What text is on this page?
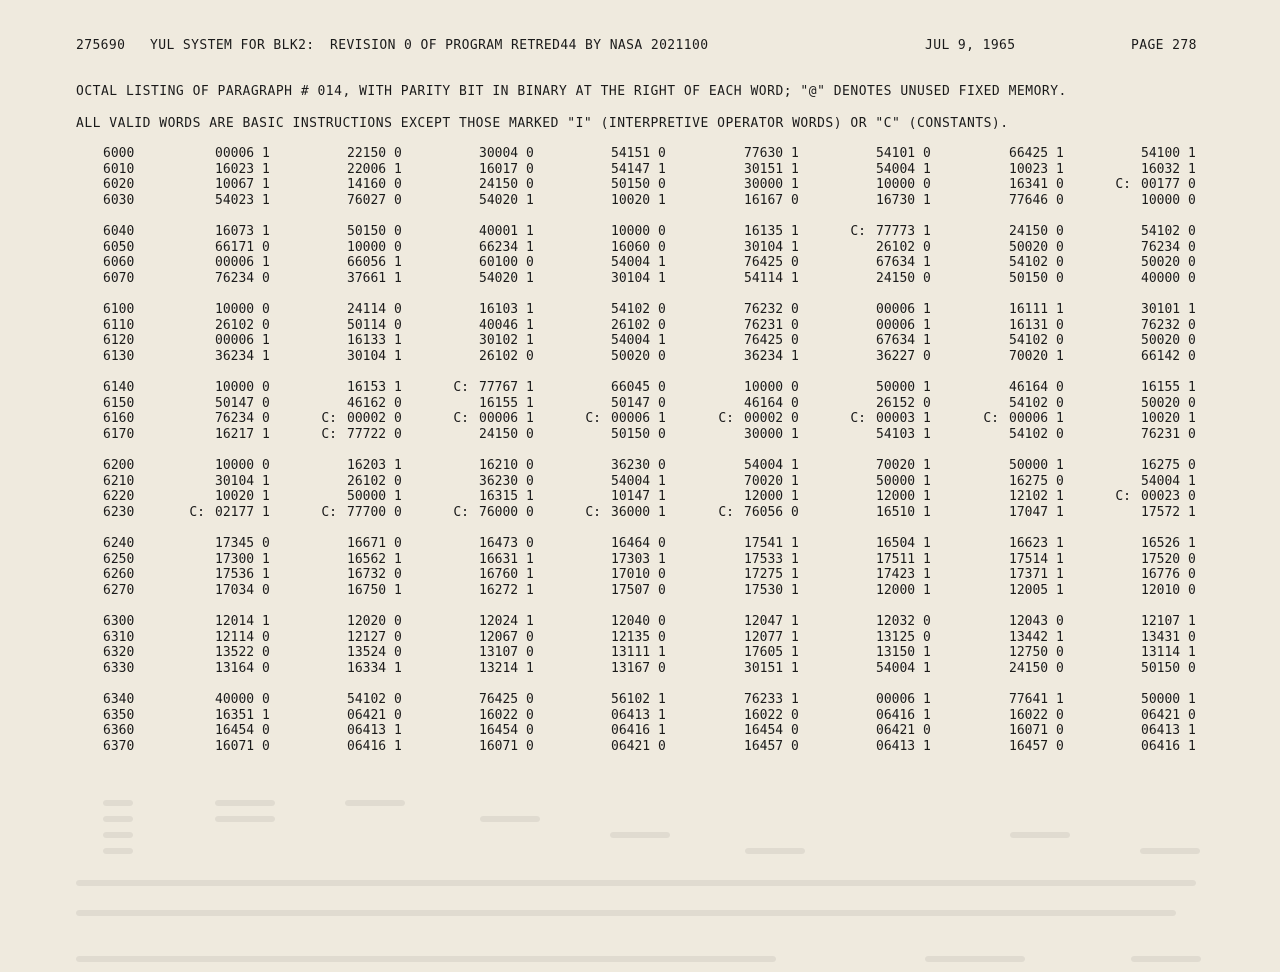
275690 YUL SYSTEM FOR BLK2: REVISION 0 OF PROGRAM RETRED44 BY NASA 2021100	JUL 9, 1965	PAGE 278
OCTAL LISTING OF PARAGRAPH # 014, WITH PARITY BIT IN BINARY AT THE RIGHT OF EACH WORD; "@" DENOTES UNUSED FIXED MEMORY.
ALL VALID WORDS ARE BASIC INSTRUCTIONS EXCEPT THOSE MARKED "I" (INTERPRETIVE OPERATOR WORDS) OR "C" (CONSTANTS).
6000	00006 1	22150 0	30004 0	54151 0	77630 1	54101 0	66425 1	54100 1
6010	16023 1	22006 1	16017 0	54147 1	30151 1	54004 1	10023 1	16032 1
6020	10067 1	14160 0	24150 0	50150 0	30000 1	10000 0	16341 0	C: 00177 0
6030	54023 1	76027 0	54020 1	10020 1	16167 0	16730 1	77646 0	10000 0
6040	16073 1	50150 0	40001 1	10000 0	16135 1	C: 77773 1	24150 0	54102 0
6050	66171 0	10000 0	66234 1	16060 0	30104 1	26102 0	50020 0	76234 0
6060	00006 1	66056 1	60100 0	54004 1	76425 0	67634 1	54102 0	50020 0
6070	76234 0	37661 1	54020 1	30104 1	54114 1	24150 0	50150 0	40000 0
6100	10000 0	24114 0	16103 1	54102 0	76232 0	00006 1	16111 1	30101 1
6110	26102 0	50114 0	40046 1	26102 0	76231 0	00006 1	16131 0	76232 0
6120	00006 1	16133 1	30102 1	54004 1	76425 0	67634 1	54102 0	50020 0
6130	36234 1	30104 1	26102 0	50020 0	36234 1	36227 0	70020 1	66142 0
6140	10000 0	16153 1	C: 77767 1	66045 0	10000 0	50000 1	46164 0	16155 1
6150	50147 0	46162 0	16155 1	50147 0	46164 0	26152 0	54102 0	50020 0
6160	76234 0	C: 00002 0	C: 00006 1	C: 00006 1	C: 00002 0	C: 00003 1	C: 00006 1	10020 1
6170	16217 1	C: 77722 0	24150 0	50150 0	30000 1	54103 1	54102 0	76231 0
6200	10000 0	16203 1	16210 0	36230 0	54004 1	70020 1	50000 1	16275 0
6210	30104 1	26102 0	36230 0	54004 1	70020 1	50000 1	16275 0	54004 1
6220	10020 1	50000 1	16315 1	10147 1	12000 1	12000 1	12102 1	C: 00023 0
6230	C: 02177 1	C: 77700 0	C: 76000 0	C: 36000 1	C: 76056 0	16510 1	17047 1	17572 1
6240	17345 0	16671 0	16473 0	16464 0	17541 1	16504 1	16623 1	16526 1
6250	17300 1	16562 1	16631 1	17303 1	17533 1	17511 1	17514 1	17520 0
6260	17536 1	16732 0	16760 1	17010 0	17275 1	17423 1	17371 1	16776 0
6270	17034 0	16750 1	16272 1	17507 0	17530 1	12000 1	12005 1	12010 0
6300	12014 1	12020 0	12024 1	12040 0	12047 1	12032 0	12043 0	12107 1
6310	12114 0	12127 0	12067 0	12135 0	12077 1	13125 0	13442 1	13431 0
6320	13522 0	13524 0	13107 0	13111 1	17605 1	13150 1	12750 0	13114 1
6330	13164 0	16334 1	13214 1	13167 0	30151 1	54004 1	24150 0	50150 0
6340	40000 0	54102 0	76425 0	56102 1	76233 1	00006 1	77641 1	50000 1
6350	16351 1	06421 0	16022 0	06413 1	16022 0	06416 1	16022 0	06421 0
6360	16454 0	06413 1	16454 0	06416 1	16454 0	06421 0	16071 0	06413 1
6370	16071 0	06416 1	16071 0	06421 0	16457 0	06413 1	16457 0	06416 1
